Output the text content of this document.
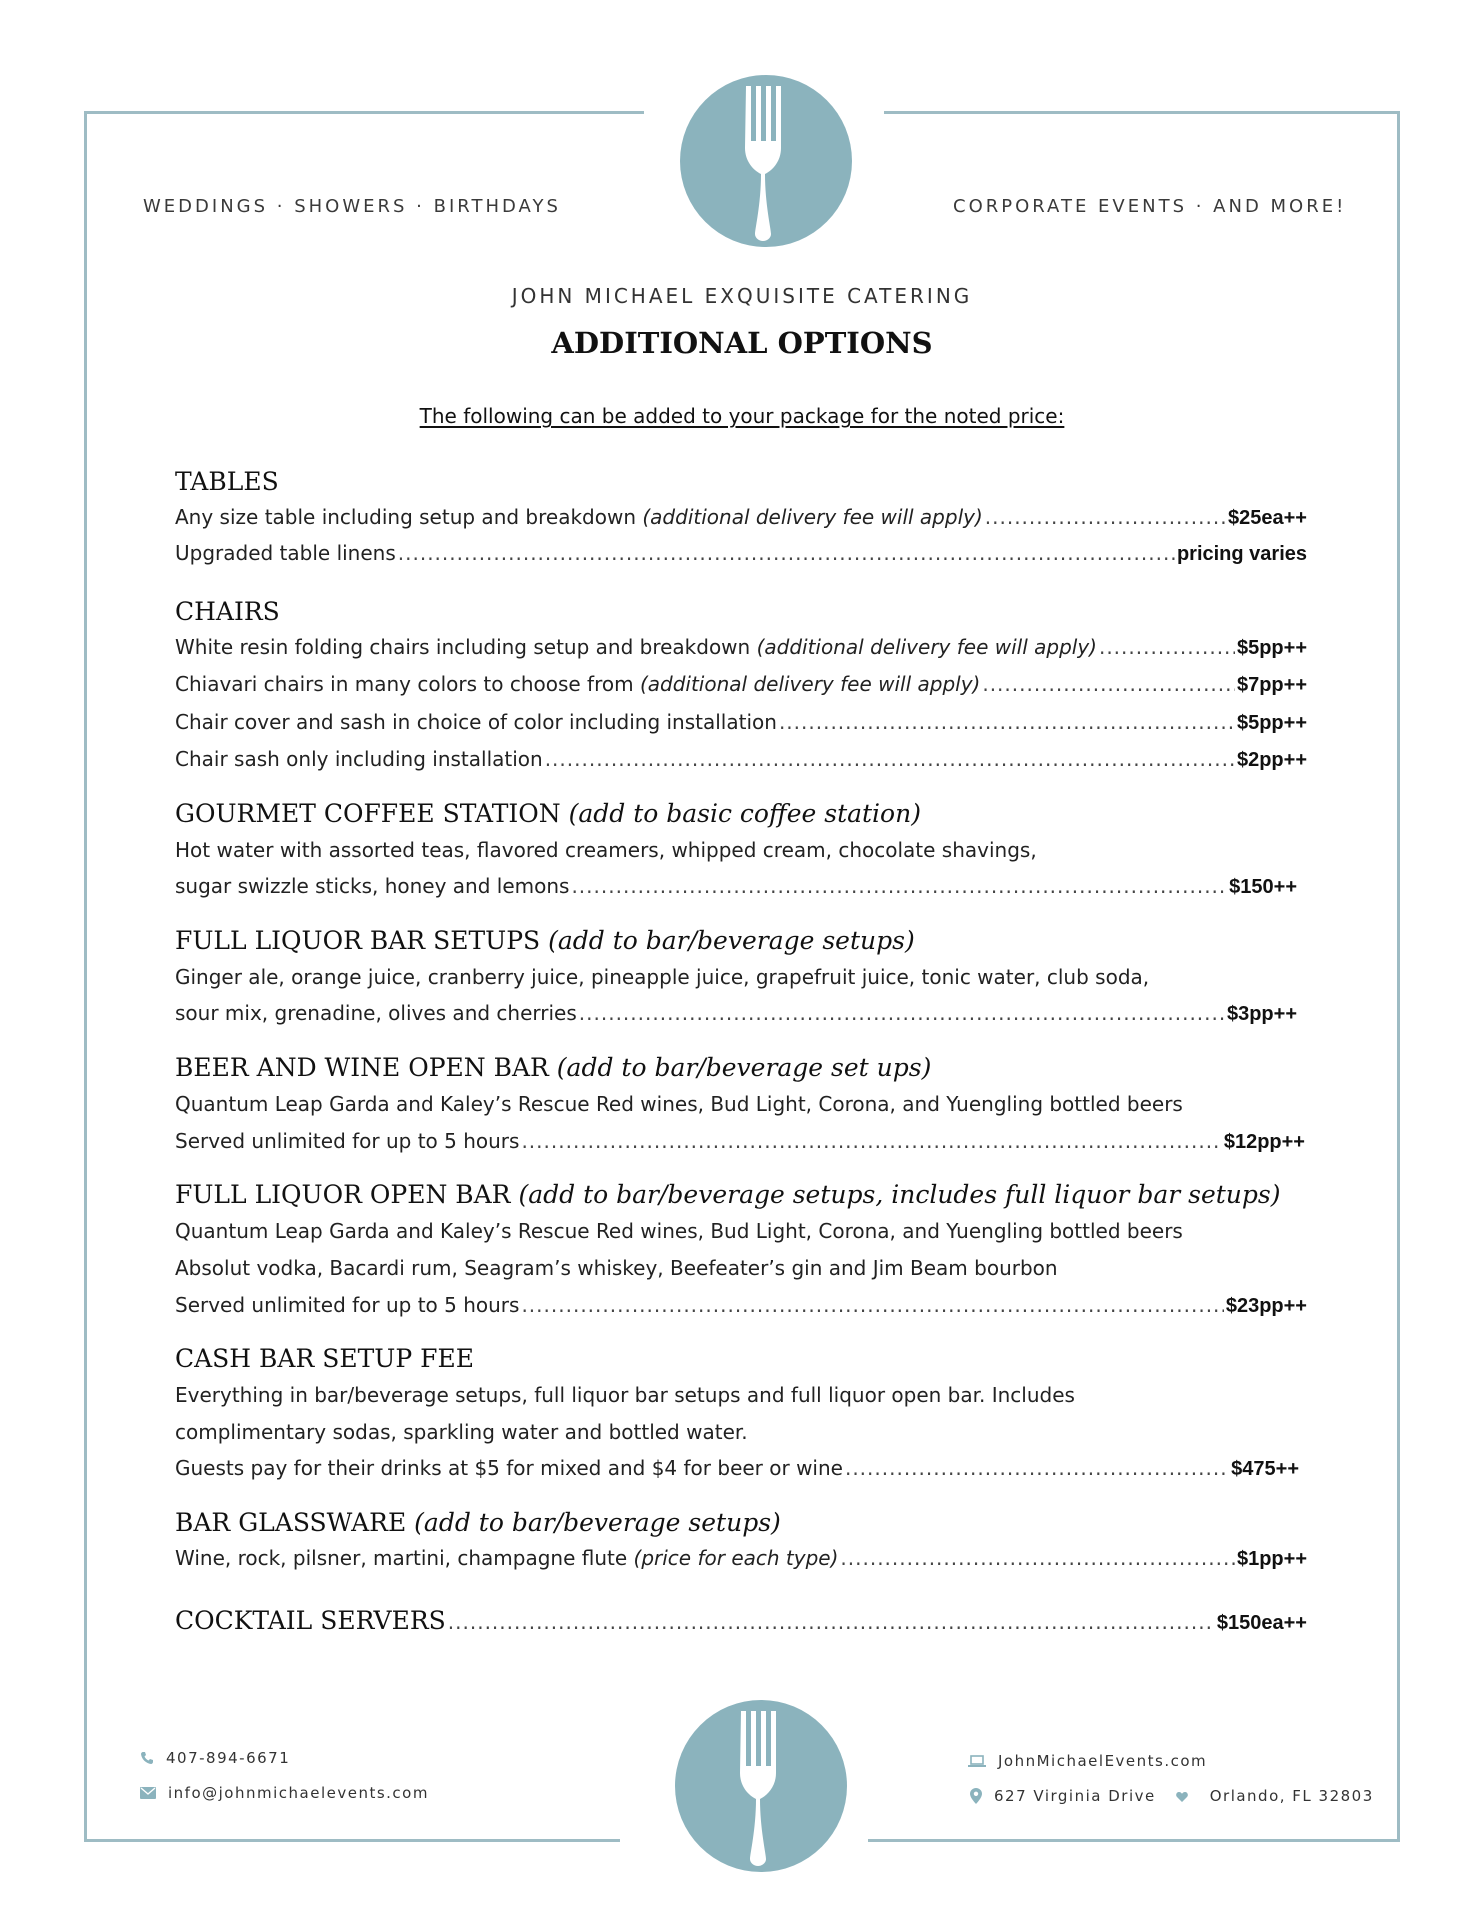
WEDDINGS · SHOWERS · BIRTHDAYS	CORPORATE EVENTS · AND MORE!
JOHN MICHAEL EXQUISITE CATERING
ADDITIONAL OPTIONS
The following can be added to your package for the noted price:
TABLES
Any size table including setup and breakdown (additional delivery fee will apply) .....	$25ea++
Upgraded table linens .....	pricing varies
CHAIRS
White resin folding chairs including setup and breakdown (additional delivery fee will apply) .....	$5pp++
Chiavari chairs in many colors to choose from (additional delivery fee will apply) .....	$7pp++
Chair cover and sash in choice of color including installation .....	$5pp++
Chair sash only including installation .....	$2pp++
GOURMET COFFEE STATION (add to basic coffee station)
Hot water with assorted teas, flavored creamers, whipped cream, chocolate shavings,
sugar swizzle sticks, honey and lemons .....	$150++
FULL LIQUOR BAR SETUPS (add to bar/beverage setups)
Ginger ale, orange juice, cranberry juice, pineapple juice, grapefruit juice, tonic water, club soda,
sour mix, grenadine, olives and cherries .....	$3pp++
BEER AND WINE OPEN BAR (add to bar/beverage set ups)
Quantum Leap Garda and Kaley’s Rescue Red wines, Bud Light, Corona, and Yuengling bottled beers
Served unlimited for up to 5 hours .....	$12pp++
FULL LIQUOR OPEN BAR (add to bar/beverage setups, includes full liquor bar setups)
Quantum Leap Garda and Kaley’s Rescue Red wines, Bud Light, Corona, and Yuengling bottled beers
Absolut vodka, Bacardi rum, Seagram’s whiskey, Beefeater’s gin and Jim Beam bourbon
Served unlimited for up to 5 hours .....	$23pp++
CASH BAR SETUP FEE
Everything in bar/beverage setups, full liquor bar setups and full liquor open bar. Includes
complimentary sodas, sparkling water and bottled water.
Guests pay for their drinks at $5 for mixed and $4 for beer or wine .....	$475++
BAR GLASSWARE (add to bar/beverage setups)
Wine, rock, pilsner, martini, champagne flute (price for each type) .....	$1pp++
COCKTAIL SERVERS .....	$150ea++
407-894-6671
info@johnmichaelevents.com
JohnMichaelEvents.com
627 Virginia Drive	Orlando, FL 32803
